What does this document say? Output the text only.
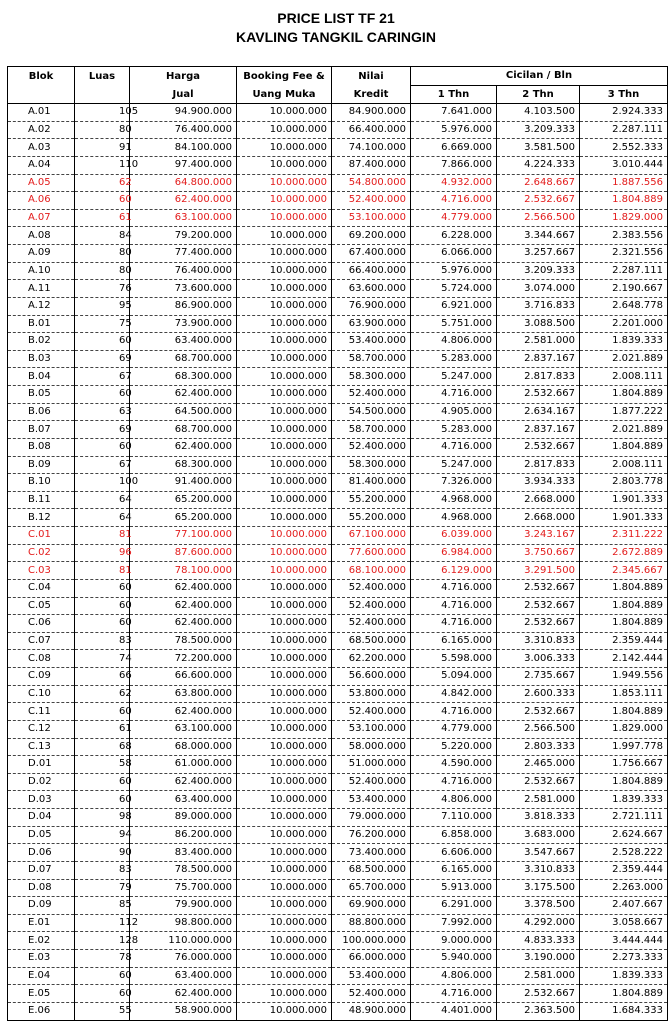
PRICE LIST TF 21
KAVLING TANGKIL CARINGIN
Blok	Luas	Harga	Booking Fee &	Nilai	Cicilan / Bln		
		Jual	Uang Muka	Kredit	1 Thn	2 Thn	3 Thn
A.01	105	94.900.000	10.000.000	84.900.000	7.641.000	4.103.500	2.924.333
A.02	80	76.400.000	10.000.000	66.400.000	5.976.000	3.209.333	2.287.111
A.03	91	84.100.000	10.000.000	74.100.000	6.669.000	3.581.500	2.552.333
A.04	110	97.400.000	10.000.000	87.400.000	7.866.000	4.224.333	3.010.444
A.05	62	64.800.000	10.000.000	54.800.000	4.932.000	2.648.667	1.887.556
A.06	60	62.400.000	10.000.000	52.400.000	4.716.000	2.532.667	1.804.889
A.07	61	63.100.000	10.000.000	53.100.000	4.779.000	2.566.500	1.829.000
A.08	84	79.200.000	10.000.000	69.200.000	6.228.000	3.344.667	2.383.556
A.09	80	77.400.000	10.000.000	67.400.000	6.066.000	3.257.667	2.321.556
A.10	80	76.400.000	10.000.000	66.400.000	5.976.000	3.209.333	2.287.111
A.11	76	73.600.000	10.000.000	63.600.000	5.724.000	3.074.000	2.190.667
A.12	95	86.900.000	10.000.000	76.900.000	6.921.000	3.716.833	2.648.778
B.01	75	73.900.000	10.000.000	63.900.000	5.751.000	3.088.500	2.201.000
B.02	60	63.400.000	10.000.000	53.400.000	4.806.000	2.581.000	1.839.333
B.03	69	68.700.000	10.000.000	58.700.000	5.283.000	2.837.167	2.021.889
B.04	67	68.300.000	10.000.000	58.300.000	5.247.000	2.817.833	2.008.111
B.05	60	62.400.000	10.000.000	52.400.000	4.716.000	2.532.667	1.804.889
B.06	63	64.500.000	10.000.000	54.500.000	4.905.000	2.634.167	1.877.222
B.07	69	68.700.000	10.000.000	58.700.000	5.283.000	2.837.167	2.021.889
B.08	60	62.400.000	10.000.000	52.400.000	4.716.000	2.532.667	1.804.889
B.09	67	68.300.000	10.000.000	58.300.000	5.247.000	2.817.833	2.008.111
B.10	100	91.400.000	10.000.000	81.400.000	7.326.000	3.934.333	2.803.778
B.11	64	65.200.000	10.000.000	55.200.000	4.968.000	2.668.000	1.901.333
B.12	64	65.200.000	10.000.000	55.200.000	4.968.000	2.668.000	1.901.333
C.01	81	77.100.000	10.000.000	67.100.000	6.039.000	3.243.167	2.311.222
C.02	96	87.600.000	10.000.000	77.600.000	6.984.000	3.750.667	2.672.889
C.03	81	78.100.000	10.000.000	68.100.000	6.129.000	3.291.500	2.345.667
C.04	60	62.400.000	10.000.000	52.400.000	4.716.000	2.532.667	1.804.889
C.05	60	62.400.000	10.000.000	52.400.000	4.716.000	2.532.667	1.804.889
C.06	60	62.400.000	10.000.000	52.400.000	4.716.000	2.532.667	1.804.889
C.07	83	78.500.000	10.000.000	68.500.000	6.165.000	3.310.833	2.359.444
C.08	74	72.200.000	10.000.000	62.200.000	5.598.000	3.006.333	2.142.444
C.09	66	66.600.000	10.000.000	56.600.000	5.094.000	2.735.667	1.949.556
C.10	62	63.800.000	10.000.000	53.800.000	4.842.000	2.600.333	1.853.111
C.11	60	62.400.000	10.000.000	52.400.000	4.716.000	2.532.667	1.804.889
C.12	61	63.100.000	10.000.000	53.100.000	4.779.000	2.566.500	1.829.000
C.13	68	68.000.000	10.000.000	58.000.000	5.220.000	2.803.333	1.997.778
D.01	58	61.000.000	10.000.000	51.000.000	4.590.000	2.465.000	1.756.667
D.02	60	62.400.000	10.000.000	52.400.000	4.716.000	2.532.667	1.804.889
D.03	60	63.400.000	10.000.000	53.400.000	4.806.000	2.581.000	1.839.333
D.04	98	89.000.000	10.000.000	79.000.000	7.110.000	3.818.333	2.721.111
D.05	94	86.200.000	10.000.000	76.200.000	6.858.000	3.683.000	2.624.667
D.06	90	83.400.000	10.000.000	73.400.000	6.606.000	3.547.667	2.528.222
D.07	83	78.500.000	10.000.000	68.500.000	6.165.000	3.310.833	2.359.444
D.08	79	75.700.000	10.000.000	65.700.000	5.913.000	3.175.500	2.263.000
D.09	85	79.900.000	10.000.000	69.900.000	6.291.000	3.378.500	2.407.667
E.01	112	98.800.000	10.000.000	88.800.000	7.992.000	4.292.000	3.058.667
E.02	128	110.000.000	10.000.000	100.000.000	9.000.000	4.833.333	3.444.444
E.03	78	76.000.000	10.000.000	66.000.000	5.940.000	3.190.000	2.273.333
E.04	60	63.400.000	10.000.000	53.400.000	4.806.000	2.581.000	1.839.333
E.05	60	62.400.000	10.000.000	52.400.000	4.716.000	2.532.667	1.804.889
E.06	55	58.900.000	10.000.000	48.900.000	4.401.000	2.363.500	1.684.333
